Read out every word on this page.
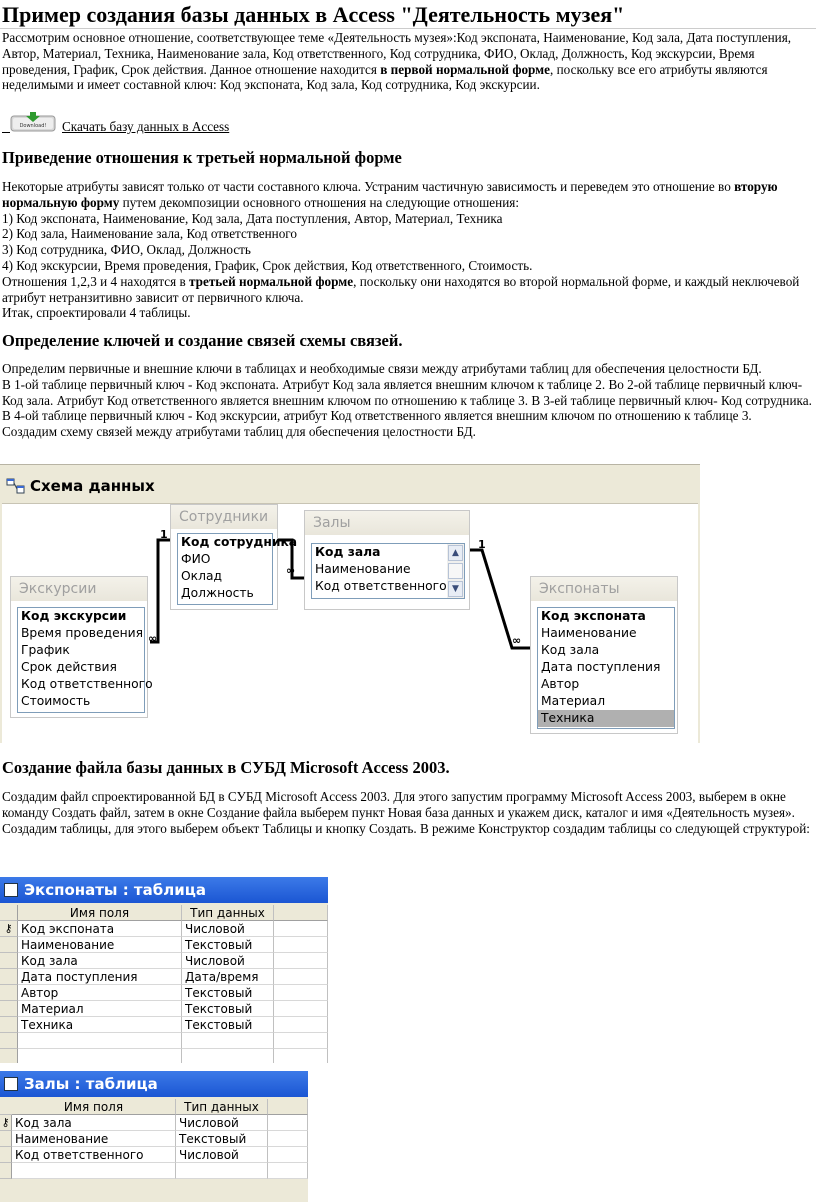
Пример создания базы данных в Access "Деятельность музея"
Рассмотрим основное отношение, соответствующее теме «Деятельность музея»:Код экспоната, Наименование, Код зала, Дата поступления, Автор, Материал, Техника, Наименование зала, Код ответственного, Код сотрудника, ФИО, Оклад, Должность, Код экскурсии, Время проведения, График, Срок действия. Данное отношение находится в первой нормальной форме, поскольку все его атрибуты являются неделимыми и имеет составной ключ: Код экспоната, Код зала, Код сотрудника, Код экскурсии.
Download! Скачать базу данных в Access
Приведение отношения к третьей нормальной форме
Некоторые атрибуты зависят только от части составного ключа. Устраним частичную зависимость и переведем это отношение во вторую нормальную форму путем декомпозиции основного отношения на следующие отношения:
1) Код экспоната, Наименование, Код зала, Дата поступления, Автор, Материал, Техника
2) Код зала, Наименование зала, Код ответственного
3) Код сотрудника, ФИО, Оклад, Должность
4) Код экскурсии, Время проведения, График, Срок действия, Код ответственного, Стоимость.
Отношения 1,2,3 и 4 находятся в третьей нормальной форме, поскольку они находятся во второй нормальной форме, и каждый неключевой атрибут нетранзитивно зависит от первичного ключа.
Итак, спроектировали 4 таблицы.
Определение ключей и создание связей схемы связей.
Определим первичные и внешние ключи в таблицах и необходимые связи между атрибутами таблиц для обеспечения целостности БД.
В 1-ой таблице первичный ключ - Код экспоната. Атрибут Код зала является внешним ключом к таблице 2. Во 2-ой таблице первичный ключ- Код зала. Атрибут Код ответственного является внешним ключом по отношению к таблице 3. В 3-ей таблице первичный ключ- Код сотрудника. В 4-ой таблице первичный ключ - Код экскурсии, атрибут Код ответственного является внешним ключом по отношению к таблице 3.
Создадим схему связей между атрибутами таблиц для обеспечения целостности БД.
Схема данных
1
∞
∞
1
∞
Сотрудники
Код сотрудника
ФИО
Оклад
Должность
Залы
Код зала
Наименование
Код ответственного
▲
▼
Экскурсии
Код экскурсии
Время проведения
График
Срок действия
Код ответственного
Стоимость
Экспонаты
Код экспоната
Наименование
Код зала
Дата поступления
Автор
Материал
Техника
Создание файла базы данных в СУБД Microsoft Access 2003.
Создадим файл спроектированной БД в СУБД Microsoft Access 2003. Для этого запустим программу Microsoft Access 2003, выберем в окне команду Создать файл, затем в окне Создание файла выберем пункт Новая база данных и укажем диск, каталог и имя «Деятельность музея».
Создадим таблицы, для этого выберем объект Таблицы и кнопку Создать. В режиме Конструктор создадим таблицы со следующей структурой:
Экспонаты : таблица
Имя поля	Тип данных
⚷ Код экспоната	Числовой
Наименование	Текстовый
Код зала	Числовой
Дата поступления	Дата/время
Автор	Текстовый
Материал	Текстовый
Техника	Текстовый
Залы : таблица
Имя поля	Тип данных
⚷ Код зала	Числовой
Наименование	Текстовый
Код ответственного	Числовой
